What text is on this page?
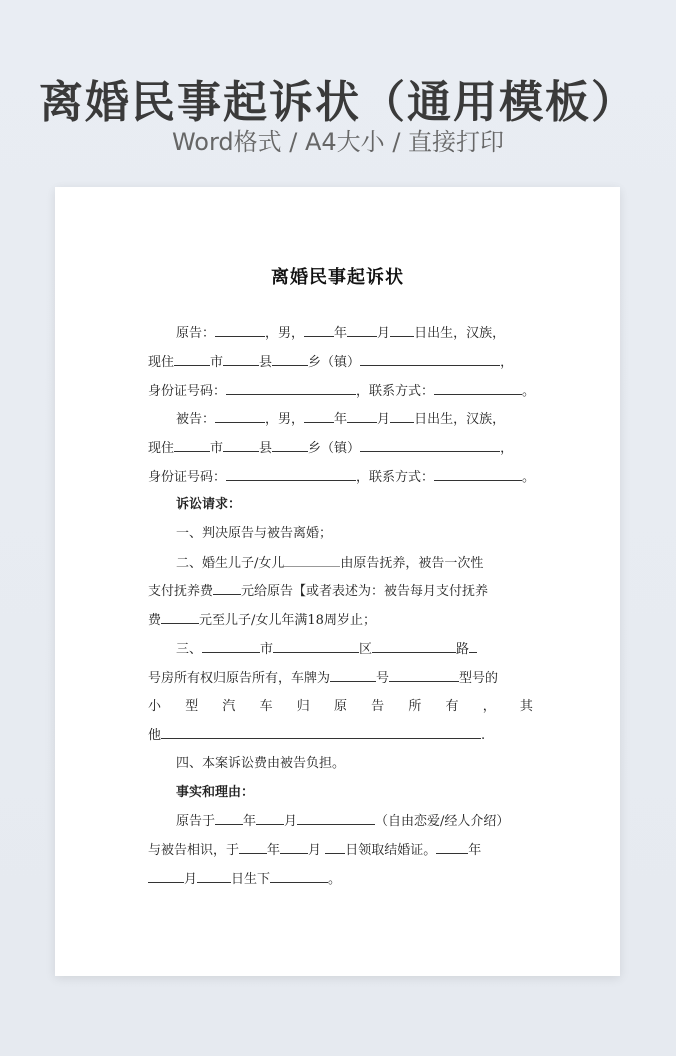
离婚民事起诉状（通用模板）
Word格式 / A4大小 / 直接打印
离婚民事起诉状
原告：	，男， 年 月 日出生，汉族，
现住	市	县	乡（镇）	，
身份证号码：	，联系方式：	。
被告：	，男， 年 月 日出生，汉族，
现住	市	县	乡（镇）	，
身份证号码：	，联系方式：	。
诉讼请求：
一、判决原告与被告离婚；
二、婚生儿子/女儿	由原告抚养，被告一次性
支付抚养费 元给原告【或者表述为：被告每月支付抚养
费	元至儿子/女儿年满18周岁止；
三、	市	区	路
号房所有权归原告所有，车牌为	号	型号的
小 型 汽 车 归 原 告 所 有 ， 其
他	.
四、本案诉讼费由被告负担。
事实和理由：
原告于 年 月	（自由恋爱/经人介绍）
与被告相识，于 年 月 日领取结婚证。 年
月	日生下	。
